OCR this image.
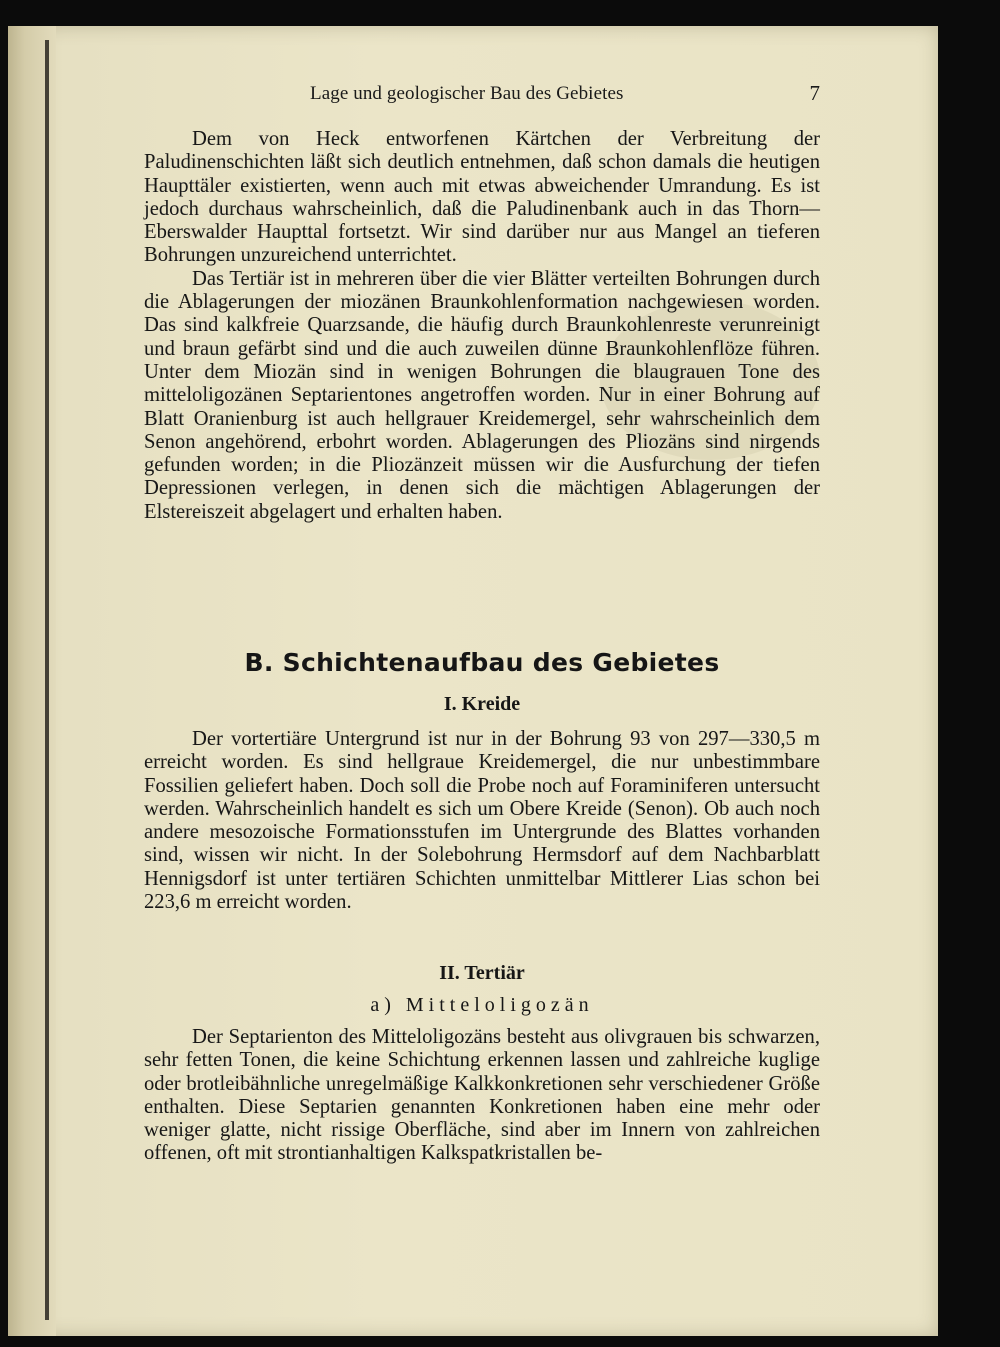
Lage und geologischer Bau des Gebietes	7

Dem von Heck entworfenen Kärtchen der Verbreitung der Paludinenschichten läßt sich deutlich entnehmen, daß schon damals die heutigen Haupttäler existierten, wenn auch mit etwas abweichender Umrandung. Es ist jedoch durchaus wahrscheinlich, daß die Paludinenbank auch in das Thorn—Eberswalder Haupttal fortsetzt. Wir sind darüber nur aus Mangel an tieferen Bohrungen unzureichend unterrichtet.

Das Tertiär ist in mehreren über die vier Blätter verteilten Bohrungen durch die Ablagerungen der miozänen Braunkohlenformation nachgewiesen worden. Das sind kalkfreie Quarzsande, die häufig durch Braunkohlenreste verunreinigt und braun gefärbt sind und die auch zuweilen dünne Braunkohlenflöze führen. Unter dem Miozän sind in wenigen Bohrungen die blaugrauen Tone des mitteloligozänen Septarientones angetroffen worden. Nur in einer Bohrung auf Blatt Oranienburg ist auch hellgrauer Kreidemergel, sehr wahrscheinlich dem Senon angehörend, erbohrt worden. Ablagerungen des Pliozäns sind nirgends gefunden worden; in die Pliozänzeit müssen wir die Ausfurchung der tiefen Depressionen verlegen, in denen sich die mächtigen Ablagerungen der Elstereiszeit abgelagert und erhalten haben.

B. Schichtenaufbau des Gebietes
I. Kreide

Der vortertiäre Untergrund ist nur in der Bohrung 93 von 297—330,5 m erreicht worden. Es sind hellgraue Kreidemergel, die nur unbestimmbare Fossilien geliefert haben. Doch soll die Probe noch auf Foraminiferen untersucht werden. Wahrscheinlich handelt es sich um Obere Kreide (Senon). Ob auch noch andere mesozoische Formationsstufen im Untergrunde des Blattes vorhanden sind, wissen wir nicht. In der Solebohrung Hermsdorf auf dem Nachbarblatt Hennigsdorf ist unter tertiären Schichten unmittelbar Mittlerer Lias schon bei 223,6 m erreicht worden.

II. Tertiär
a) Mitteloligozän

Der Septarienton des Mitteloligozäns besteht aus olivgrauen bis schwarzen, sehr fetten Tonen, die keine Schichtung erkennen lassen und zahlreiche kuglige oder brotleibähnliche unregelmäßige Kalkkonkretionen sehr verschiedener Größe enthalten. Diese Septarien genannten Konkretionen haben eine mehr oder weniger glatte, nicht rissige Oberfläche, sind aber im Innern von zahlreichen offenen, oft mit strontianhaltigen Kalkspatkristallen be-
